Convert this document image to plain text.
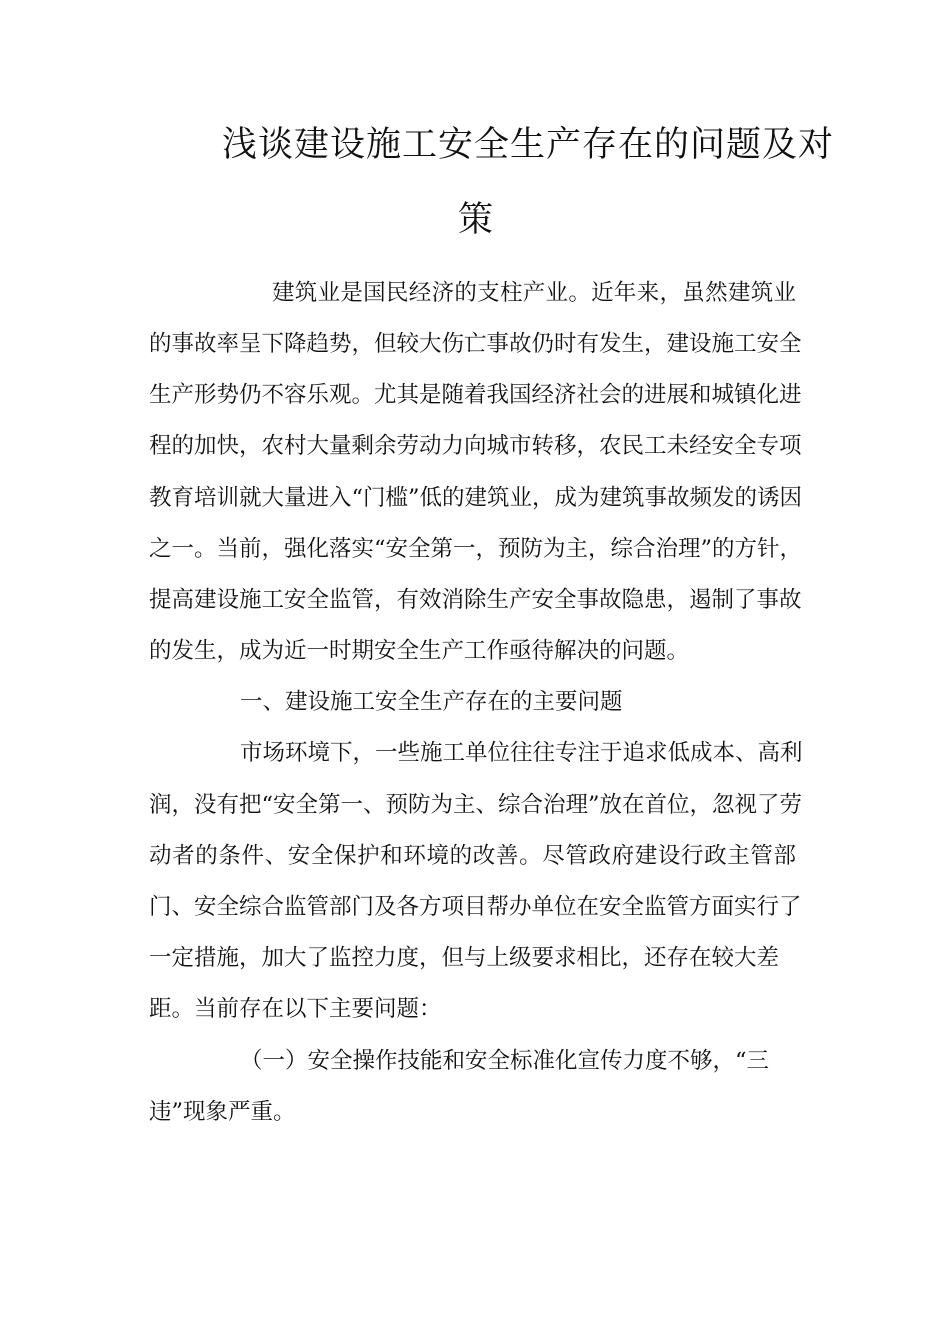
浅谈建设施工安全生产存在的问题及对
策
建筑业是国民经济的支柱产业。近年来，虽然建筑业
的事故率呈下降趋势，但较大伤亡事故仍时有发生，建设施工安全
生产形势仍不容乐观。尤其是随着我国经济社会的进展和城镇化进
程的加快，农村大量剩余劳动力向城市转移，农民工未经安全专项
教育培训就大量进入“门槛”低的建筑业，成为建筑事故频发的诱因
之一。当前，强化落实“安全第一，预防为主，综合治理”的方针，
提高建设施工安全监管，有效消除生产安全事故隐患，遏制了事故
的发生，成为近一时期安全生产工作亟待解决的问题。
一、建设施工安全生产存在的主要问题
市场环境下，一些施工单位往往专注于追求低成本、高利
润，没有把“安全第一、预防为主、综合治理”放在首位，忽视了劳
动者的条件、安全保护和环境的改善。尽管政府建设行政主管部
门、安全综合监管部门及各方项目帮办单位在安全监管方面实行了
一定措施，加大了监控力度，但与上级要求相比，还存在较大差
距。当前存在以下主要问题：
（一）安全操作技能和安全标准化宣传力度不够，“三
违”现象严重。
